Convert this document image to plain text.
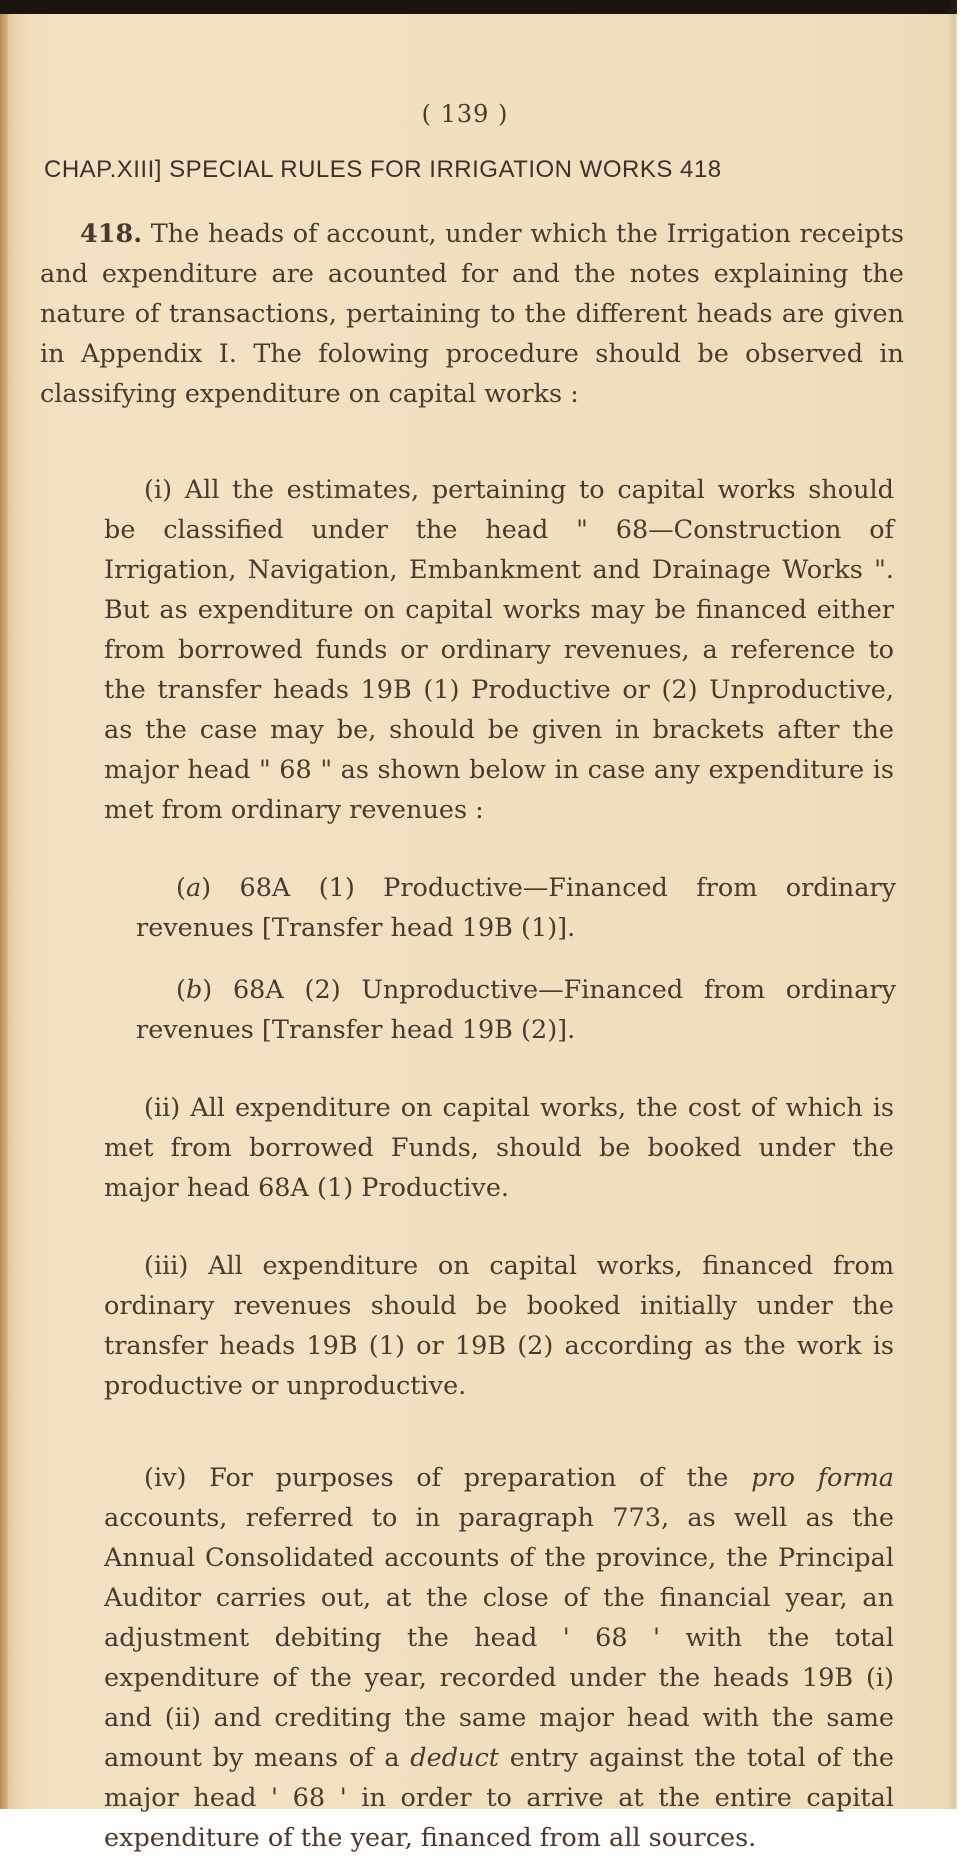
( 139 )
CHAP.XIII] SPECIAL RULES FOR IRRIGATION WORKS 418

418. The heads of account, under which the Irrigation receipts and expenditure are acounted for and the notes explaining the nature of transactions, pertaining to the different heads are given in Appendix I. The folowing procedure should be observed in classifying expenditure on capital works :

(i) All the estimates, pertaining to capital works should be classified under the head " 68—Construction of Irrigation, Navigation, Embankment and Drainage Works ". But as expenditure on capital works may be financed either from borrowed funds or ordinary revenues, a reference to the transfer heads 19B (1) Productive or (2) Unproductive, as the case may be, should be given in brackets after the major head " 68 " as shown below in case any expenditure is met from ordinary revenues :

(a) 68A (1) Productive—Financed from ordinary revenues [Transfer head 19B (1)].

(b) 68A (2) Unproductive—Financed from ordinary revenues [Transfer head 19B (2)].

(ii) All expenditure on capital works, the cost of which is met from borrowed Funds, should be booked under the major head 68A (1) Productive.

(iii) All expenditure on capital works, financed from ordinary revenues should be booked initially under the transfer heads 19B (1) or 19B (2) according as the work is productive or unproductive.

(iv) For purposes of preparation of the pro forma accounts, referred to in paragraph 773, as well as the Annual Consolidated accounts of the province, the Principal Auditor carries out, at the close of the financial year, an adjustment debiting the head ' 68 ' with the total expenditure of the year, recorded under the heads 19B (i) and (ii) and crediting the same major head with the same amount by means of a deduct entry against the total of the major head ' 68 ' in order to arrive at the entire capital expenditure of the year, financed from all sources.
